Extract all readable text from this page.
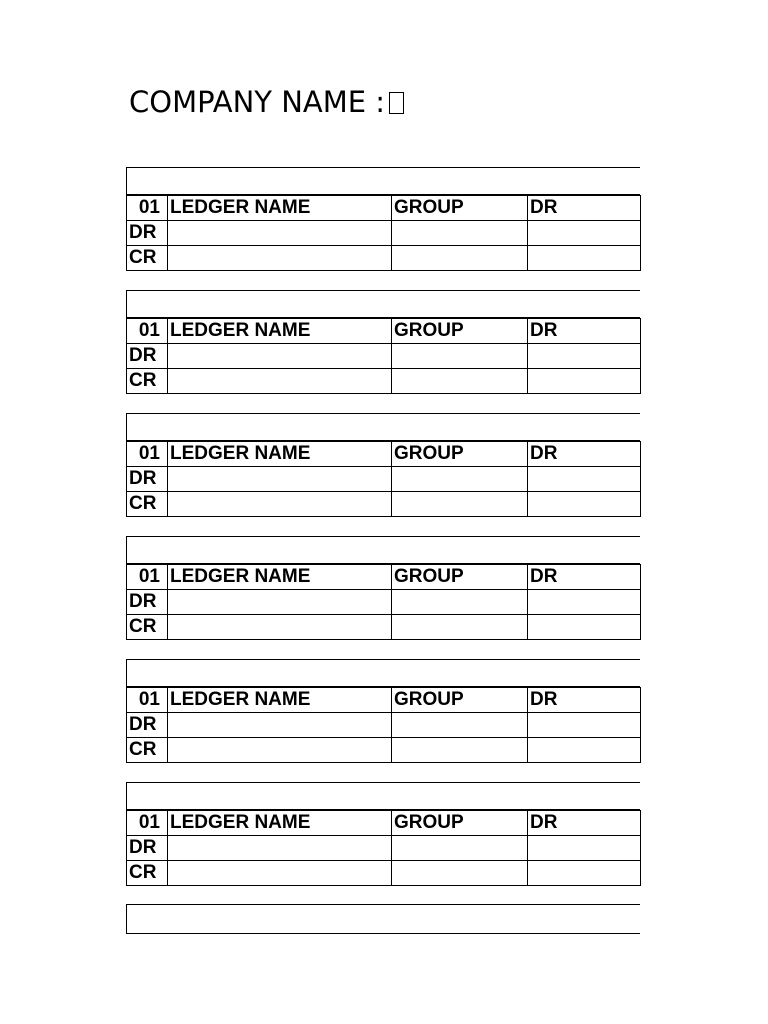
COMPANY NAME :
01	LEDGER NAME	GROUP	DR
DR			
CR			
01	LEDGER NAME	GROUP	DR
DR			
CR			
01	LEDGER NAME	GROUP	DR
DR			
CR			
01	LEDGER NAME	GROUP	DR
DR			
CR			
01	LEDGER NAME	GROUP	DR
DR			
CR			
01	LEDGER NAME	GROUP	DR
DR			
CR			
